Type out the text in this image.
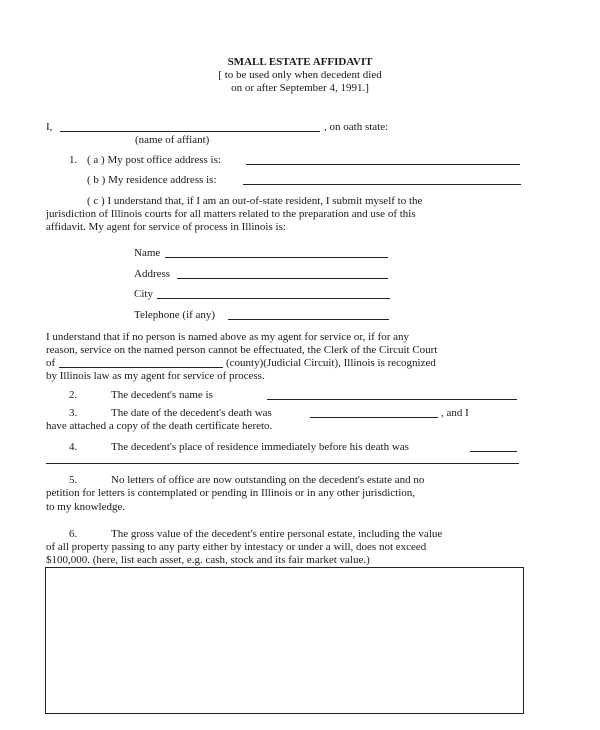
SMALL ESTATE AFFIDAVIT
[ to be used only when decedent died
on or after September 4, 1991.]
I,	, on oath state:
(name of affiant)
1. ( a ) My post office address is:
( b ) My residence address is:
( c ) I understand that, if I am an out-of-state resident, I submit myself to the
jurisdiction of Illinois courts for all matters related to the preparation and use of this
affidavit. My agent for service of process in Illinois is:
Name
Address
City
Telephone (if any)
I understand that if no person is named above as my agent for service or, if for any
reason, service on the named person cannot be effectuated, the Clerk of the Circuit Court
of	(county)(Judicial Circuit), Illinois is recognized
by Illinois law as my agent for service of process.
2.	The decedent's name is
3.	The date of the decedent's death was	, and I
have attached a copy of the death certificate hereto.
4.	The decedent's place of residence immediately before his death was
5.	No letters of office are now outstanding on the decedent's estate and no
petition for letters is contemplated or pending in Illinois or in any other jurisdiction,
to my knowledge.
6.	The gross value of the decedent's entire personal estate, including the value
of all property passing to any party either by intestacy or under a will, does not exceed
$100,000. (here, list each asset, e.g. cash, stock and its fair market value.)
